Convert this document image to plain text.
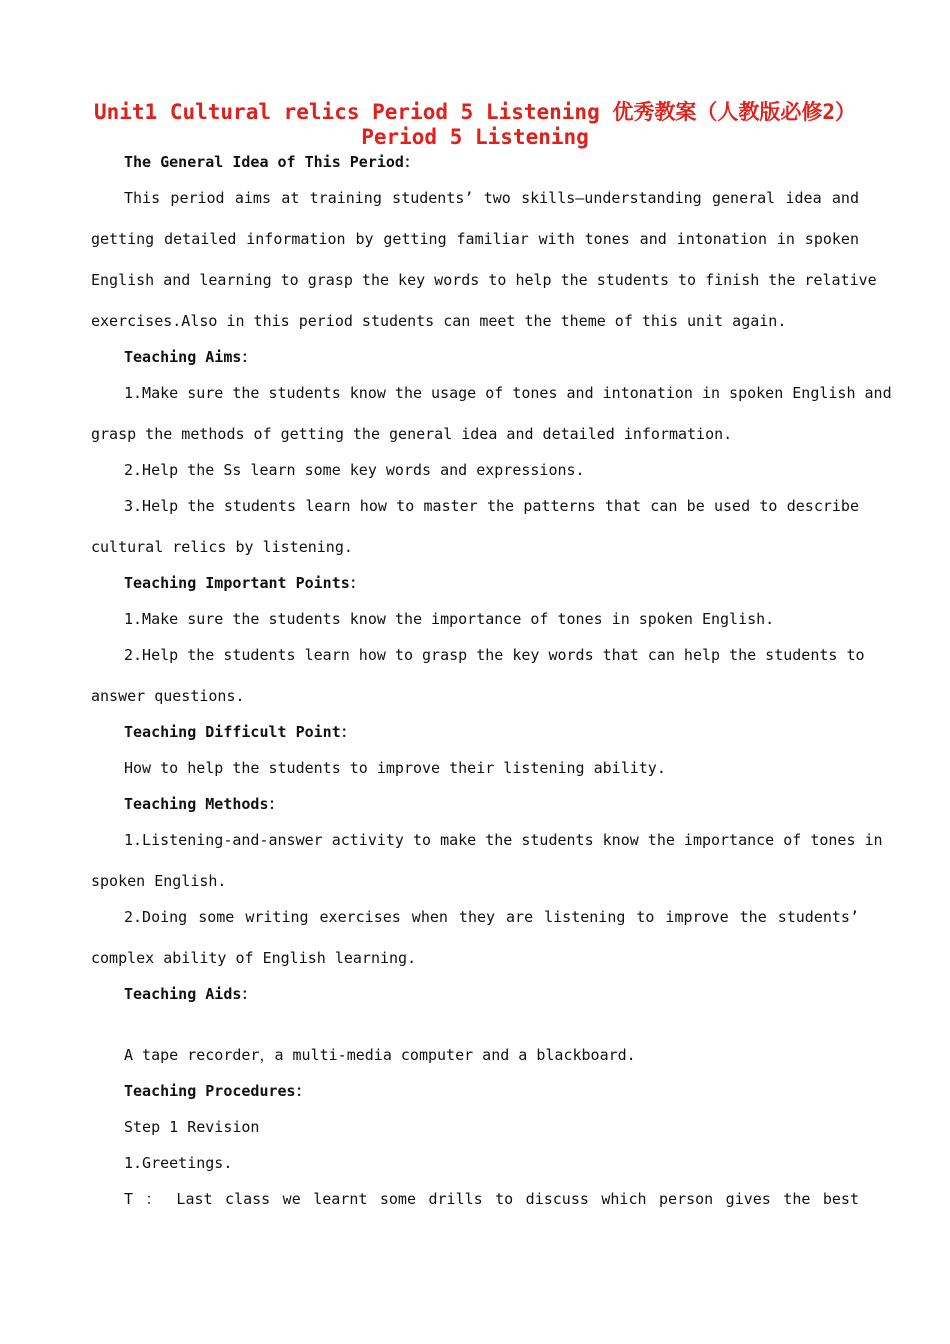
Unit1 Cultural relics Period 5 Listening 优秀教案（人教版必修2）
Period 5 Listening
The General Idea of This Period：
This period aims at training students’ two skills—understanding general idea and
getting detailed information by getting familiar with tones and intonation in spoken
English and learning to grasp the key words to help the students to finish the relative
exercises.Also in this period students can meet the theme of this unit again.
Teaching Aims：
1.Make sure the students know the usage of tones and intonation in spoken English and
grasp the methods of getting the general idea and detailed information.
2.Help the Ss learn some key words and expressions.
3.Help the students learn how to master the patterns that can be used to describe
cultural relics by listening.
Teaching Important Points：
1.Make sure the students know the importance of tones in spoken English.
2.Help the students learn how to grasp the key words that can help the students to
answer questions.
Teaching Difficult Point：
How to help the students to improve their listening ability.
Teaching Methods：
1.Listening-and-answer activity to make the students know the importance of tones in
spoken English.
2.Doing some writing exercises when they are listening to improve the students’
complex ability of English learning.
Teaching Aids：
A tape recorder，a multi-media computer and a blackboard.
Teaching Procedures：
Step 1 Revision
1.Greetings.
T ： Last class we learnt some drills to discuss which person gives the best
